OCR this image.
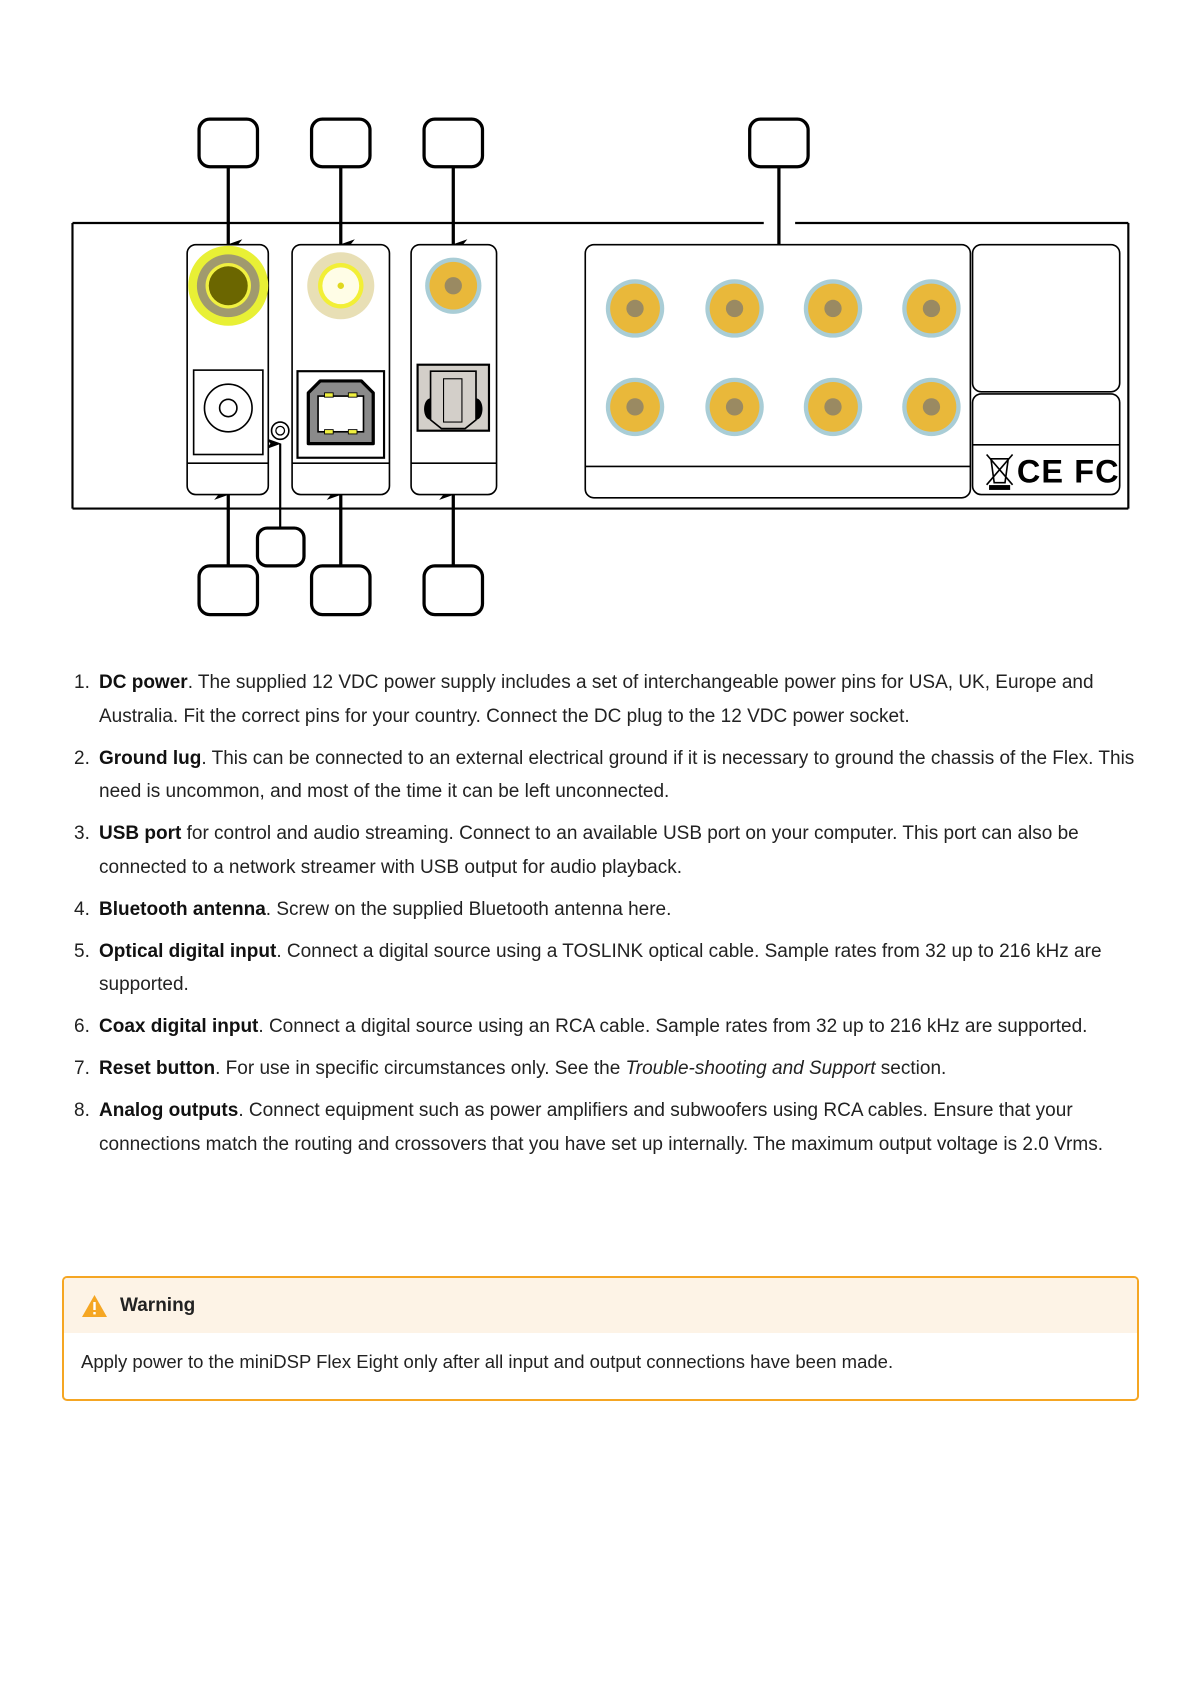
CE FC
1. DC power. The supplied 12 VDC power supply includes a set of interchangeable power pins for USA, UK, Europe and Australia. Fit the correct pins for your country. Connect the DC plug to the 12 VDC power socket.
2. Ground lug. This can be connected to an external electrical ground if it is necessary to ground the chassis of the Flex. This need is uncommon, and most of the time it can be left unconnected.
3. USB port for control and audio streaming. Connect to an available USB port on your computer. This port can also be connected to a network streamer with USB output for audio playback.
4. Bluetooth antenna. Screw on the supplied Bluetooth antenna here.
5. Optical digital input. Connect a digital source using a TOSLINK optical cable. Sample rates from 32 up to 216 kHz are supported.
6. Coax digital input. Connect a digital source using an RCA cable. Sample rates from 32 up to 216 kHz are supported.
7. Reset button. For use in specific circumstances only. See the Trouble-shooting and Support section.
8. Analog outputs. Connect equipment such as power amplifiers and subwoofers using RCA cables. Ensure that your connections match the routing and crossovers that you have set up internally. The maximum output voltage is 2.0 Vrms.
Warning
Apply power to the miniDSP Flex Eight only after all input and output connections have been made.
